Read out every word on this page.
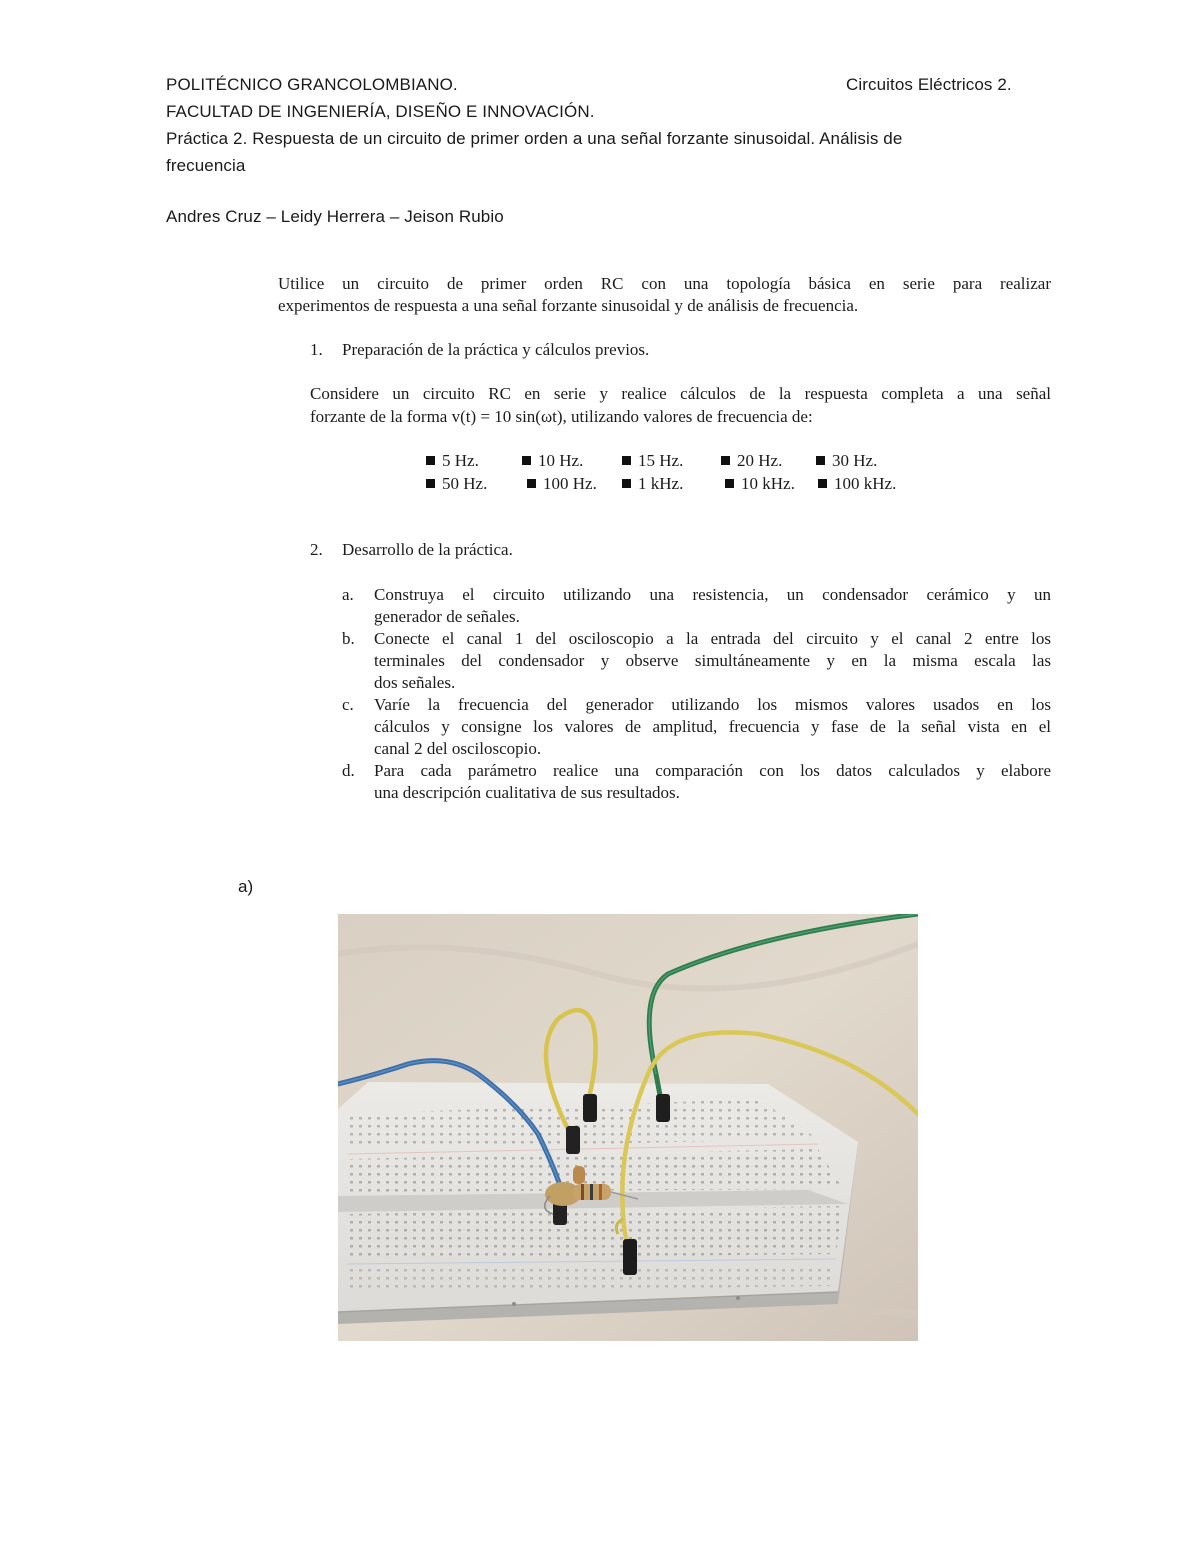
POLITÉCNICO GRANCOLOMBIANO.	Circuitos Eléctricos 2.
FACULTAD DE INGENIERÍA, DISEÑO E INNOVACIÓN.
Práctica 2. Respuesta de un circuito de primer orden a una señal forzante sinusoidal. Análisis de
frecuencia
Andres Cruz – Leidy Herrera – Jeison Rubio
Utilice un circuito de primer orden RC con una topología básica en serie para realizar
experimentos de respuesta a una señal forzante sinusoidal y de análisis de frecuencia.
1. Preparación de la práctica y cálculos previos.
Considere un circuito RC en serie y realice cálculos de la respuesta completa a una señal
forzante de la forma v(t) = 10 sin(ωt), utilizando valores de frecuencia de:
5 Hz.	10 Hz.	15 Hz.	20 Hz.	30 Hz.
50 Hz.	100 Hz.	1 kHz.	10 kHz.	100 kHz.
2. Desarrollo de la práctica.
a. Construya el circuito utilizando una resistencia, un condensador cerámico y un
generador de señales.
b. Conecte el canal 1 del osciloscopio a la entrada del circuito y el canal 2 entre los
terminales del condensador y observe simultáneamente y en la misma escala las
dos señales.
c. Varíe la frecuencia del generador utilizando los mismos valores usados en los
cálculos y consigne los valores de amplitud, frecuencia y fase de la señal vista en el
canal 2 del osciloscopio.
d. Para cada parámetro realice una comparación con los datos calculados y elabore
una descripción cualitativa de sus resultados.
a)
